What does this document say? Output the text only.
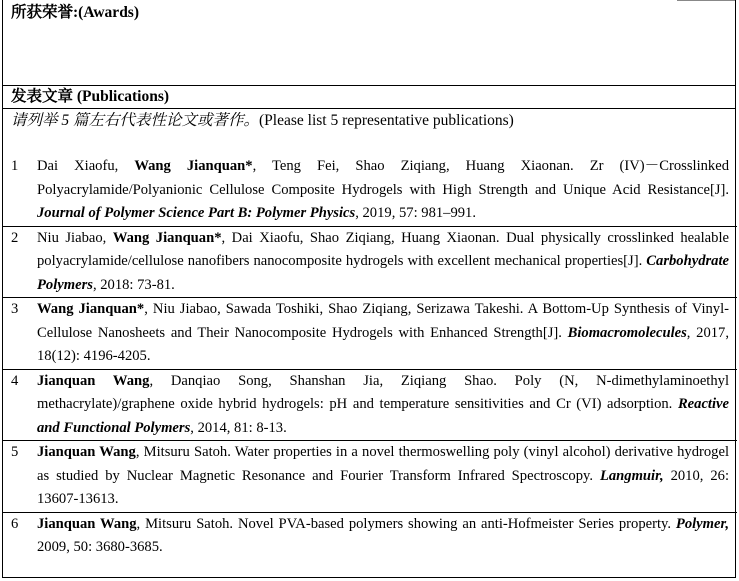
所获荣誉:(Awards)
发表文章 (Publications)
请列举 5 篇左右代表性论文或著作。(Please list 5 representative publications)
1 Dai Xiaofu, Wang Jianquan*, Teng Fei, Shao Ziqiang, Huang Xiaonan. Zr (IV)－Crosslinked Polyacrylamide/Polyanionic Cellulose Composite Hydrogels with High Strength and Unique Acid Resistance[J]. Journal of Polymer Science Part B: Polymer Physics, 2019, 57: 981–991.
2 Niu Jiabao, Wang Jianquan*, Dai Xiaofu, Shao Ziqiang, Huang Xiaonan. Dual physically crosslinked healable polyacrylamide/cellulose nanofibers nanocomposite hydrogels with excellent mechanical properties[J]. Carbohydrate Polymers, 2018: 73-81.
3 Wang Jianquan*, Niu Jiabao, Sawada Toshiki, Shao Ziqiang, Serizawa Takeshi. A Bottom-Up Synthesis of Vinyl-Cellulose Nanosheets and Their Nanocomposite Hydrogels with Enhanced Strength[J]. Biomacromolecules, 2017, 18(12): 4196-4205.
4 Jianquan Wang, Danqiao Song, Shanshan Jia, Ziqiang Shao. Poly (N, N-dimethylaminoethyl methacrylate)/graphene oxide hybrid hydrogels: pH and temperature sensitivities and Cr (VI) adsorption. Reactive and Functional Polymers, 2014, 81: 8-13.
5 Jianquan Wang, Mitsuru Satoh. Water properties in a novel thermoswelling poly (vinyl alcohol) derivative hydrogel as studied by Nuclear Magnetic Resonance and Fourier Transform Infrared Spectroscopy. Langmuir, 2010, 26: 13607-13613.
6 Jianquan Wang, Mitsuru Satoh. Novel PVA-based polymers showing an anti-Hofmeister Series property. Polymer, 2009, 50: 3680-3685.
